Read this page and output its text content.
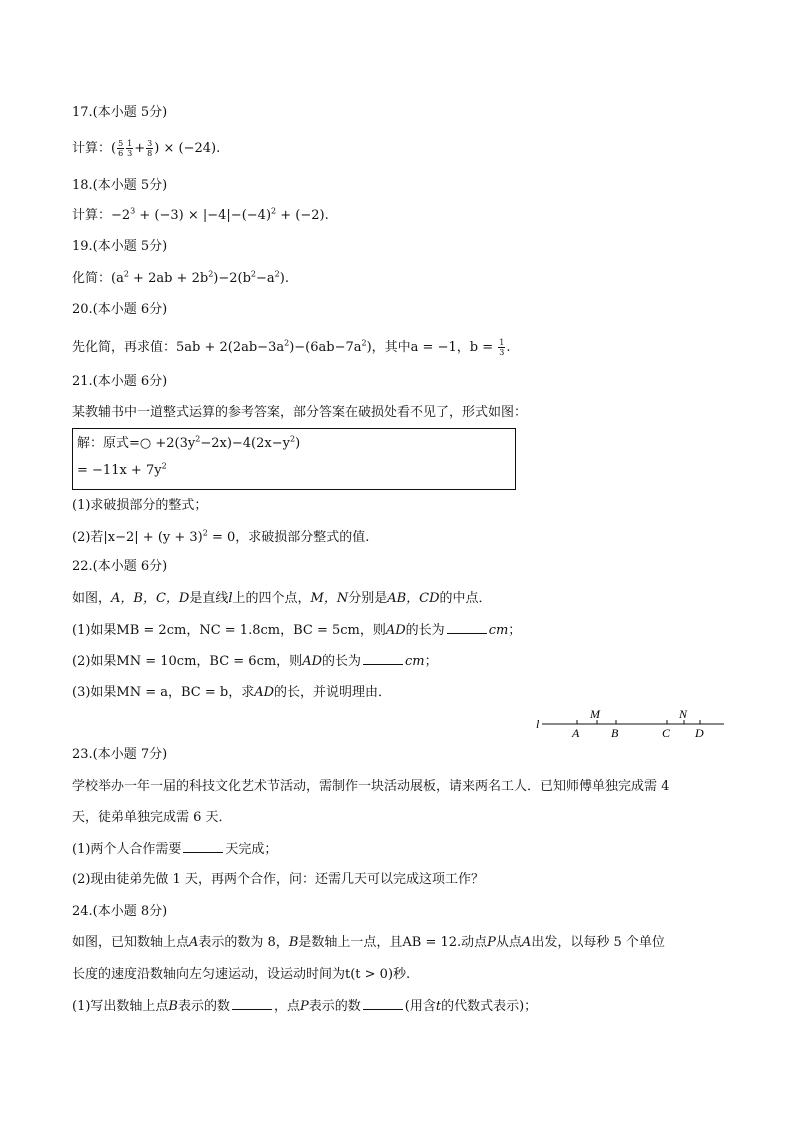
17.(本小题 5分)
计算：( $\frac{5}{6} \frac{1}{3} + \frac{3}{8}$ ) × (−24).
18.(本小题 5分)
计算：$-2^3 + (-3) \times |-4|-(-4)^2 + (-2)$.
19.(本小题 5分)
化简：$(a^2 + 2ab + 2b^2)-2(b^2-a^2)$.
20.(本小题 6分)
先化简，再求值：$5ab + 2(2ab-3a^2)-(6ab-7a^2)$，其中a = −1，$b = \frac{1}{3}$ .
21.(本小题 6分)
某教辅书中一道整式运算的参考答案，部分答案在破损处看不见了，形式如图：
解：原式=○ $+2(3y^2-2x)-4(2x-y^2)$
= $-11x + 7y^2$
(1)求破损部分的整式；
(2)若$|x-2| + (y + 3)^2 = 0$，求破损部分整式的值.
22.(本小题 6分)
如图，A，B，C，D是直线l上的四个点，M，N分别是AB，CD的中点．
(1)如果MB = 2cm，NC = 1.8cm，BC = 5cm，则AD的长为	cm；
(2)如果MN = 10cm，BC = 6cm，则AD的长为	cm；
(3)如果MN = a，BC = b，求AD的长，并说明理由．
l
A
M
B	C
N
D
23.(本小题 7分)
学校举办一年一届的科技文化艺术节活动，需制作一块活动展板，请来两名工人．已知师傅单独完成需 4
天，徒弟单独完成需 6 天．
(1)两个人合作需要	天完成；
(2)现由徒弟先做 1 天，再两个合作，问：还需几天可以完成这项工作？
24.(本小题 8分)
如图，已知数轴上点A表示的数为 8，B是数轴上一点，且AB = 12.动点P从点A出发，以每秒 5 个单位
长度的速度沿数轴向左匀速运动，设运动时间为t(t > 0)秒.
(1)写出数轴上点B表示的数	，点P表示的数	(用含t的代数式表示)；
